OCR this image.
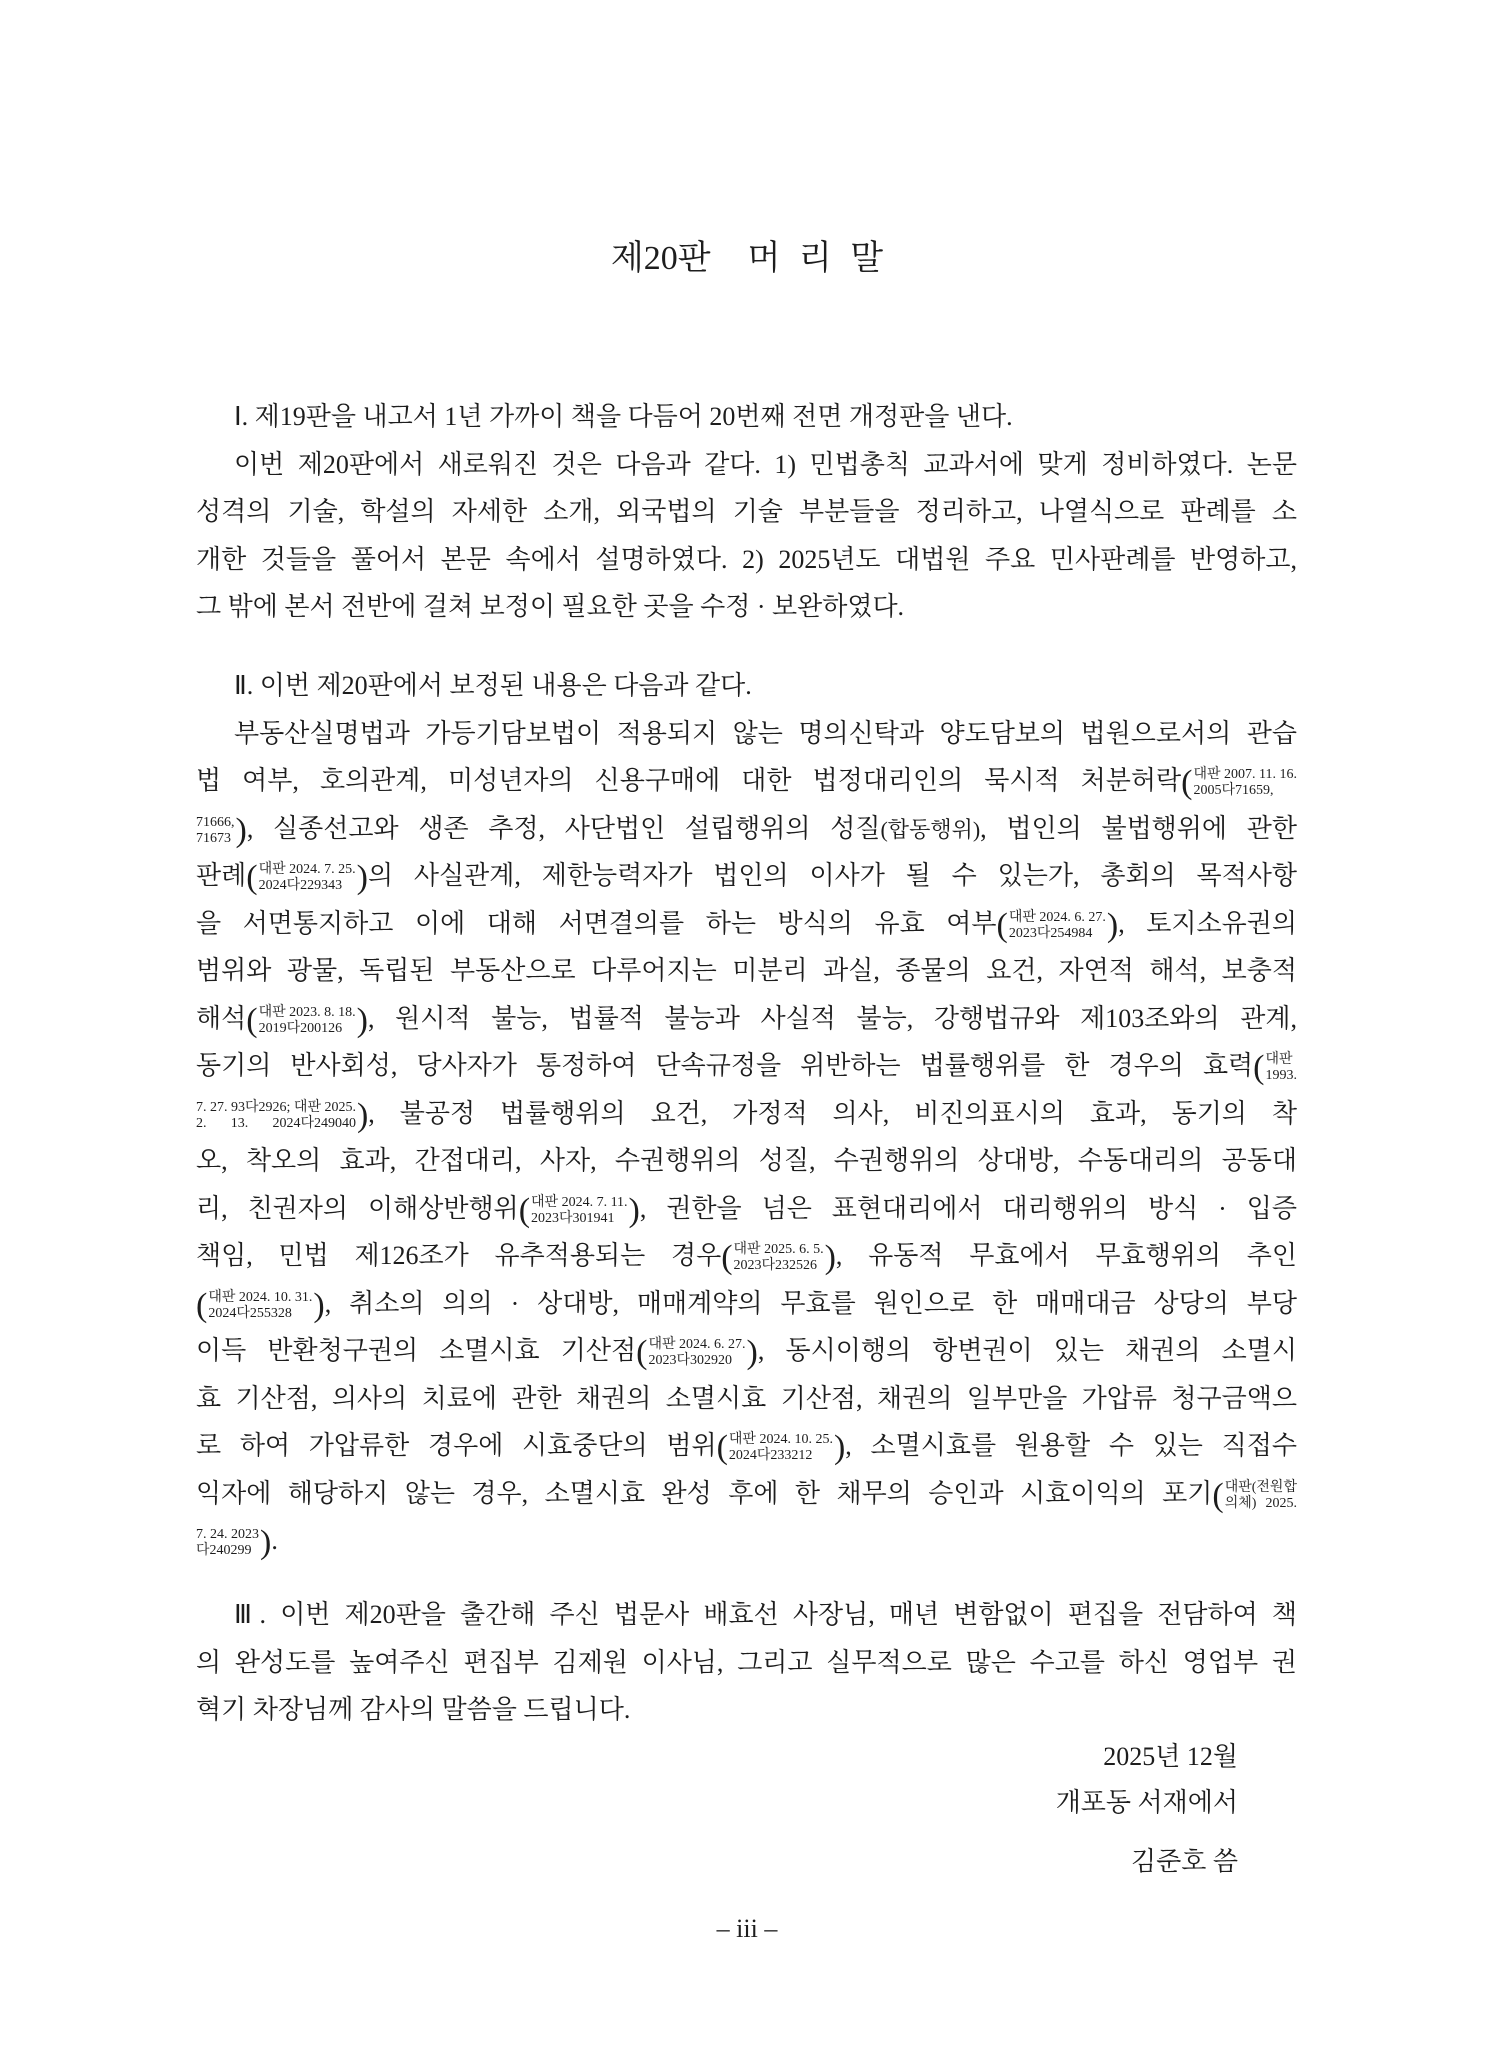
제20판  머 리 말
Ⅰ. 제19판을 내고서 1년 가까이 책을 다듬어 20번째 전면 개정판을 낸다.
이번 제20판에서 새로워진 것은 다음과 같다. 1) 민법총칙 교과서에 맞게 정비하였다. 논문
성격의 기술, 학설의 자세한 소개, 외국법의 기술 부분들을 정리하고, 나열식으로 판례를 소
개한 것들을 풀어서 본문 속에서 설명하였다. 2) 2025년도 대법원 주요 민사판례를 반영하고,
그 밖에 본서 전반에 걸쳐 보정이 필요한 곳을 수정 · 보완하였다.
Ⅱ. 이번 제20판에서 보정된 내용은 다음과 같다.
부동산실명법과 가등기담보법이 적용되지 않는 명의신탁과 양도담보의 법원으로서의 관습
법 여부, 호의관계, 미성년자의 신용구매에 대한 법정대리인의 묵시적 처분허락 ( 대판 2007. 11. 16.
2005다71659,
71666,
71673
) , 실종선고와 생존 추정, 사단법인 설립행위의 성질(합동행위), 법인의 불법행위에 관한
판례 ( 대판 2024. 7. 25.
2024다229343
) 의 사실관계, 제한능력자가 법인의 이사가 될 수 있는가, 총회의 목적사항
을 서면통지하고 이에 대해 서면결의를 하는 방식의 유효 여부 ( 대판 2024. 6. 27.
2023다254984
) , 토지소유권의
범위와 광물, 독립된 부동산으로 다루어지는 미분리 과실, 종물의 요건, 자연적 해석, 보충적
해석 ( 대판 2023. 8. 18.
2019다200126
) , 원시적 불능, 법률적 불능과 사실적 불능, 강행법규와 제103조와의 관계,
동기의 반사회성, 당사자가 통정하여 단속규정을 위반하는 법률행위를 한 경우의 효력 ( 대판
1993.
7. 27. 93다2926; 대판 2025.
2. 13. 2024다249040
) , 불공정 법률행위의 요건, 가정적 의사, 비진의표시의 효과, 동기의 착
오, 착오의 효과, 간접대리, 사자, 수권행위의 성질, 수권행위의 상대방, 수동대리의 공동대
리, 친권자의 이해상반행위 ( 대판 2024. 7. 11.
2023다301941
) , 권한을 넘은 표현대리에서 대리행위의 방식 · 입증
책임, 민법 제126조가 유추적용되는 경우 ( 대판 2025. 6. 5.
2023다232526
) , 유동적 무효에서 무효행위의 추인
( 대판 2024. 10. 31.
2024다255328
)	, 취소의 의의 · 상대방, 매매계약의 무효를 원인으로 한 매매대금 상당의 부당
이득 반환청구권의 소멸시효 기산점 ( 대판 2024. 6. 27.
2023다302920
) , 동시이행의 항변권이 있는 채권의 소멸시
효 기산점, 의사의 치료에 관한 채권의 소멸시효 기산점, 채권의 일부만을 가압류 청구금액으
로 하여 가압류한 경우에 시효중단의 범위 ( 대판 2024. 10. 25.
2024다233212
)	, 소멸시효를 원용할 수 있는 직접수
익자에 해당하지 않는 경우, 소멸시효 완성 후에 한 채무의 승인과 시효이익의 포기 ( 대판(전원합
의체) 2025.
7. 24. 2023
다240299
) .
Ⅲ. 이번 제20판을 출간해 주신 법문사 배효선 사장님, 매년 변함없이 편집을 전담하여 책
의 완성도를 높여주신 편집부 김제원 이사님, 그리고 실무적으로 많은 수고를 하신 영업부 권
혁기 차장님께 감사의 말씀을 드립니다.
2025년 12월
개포동 서재에서
김준호 씀
– iii –
